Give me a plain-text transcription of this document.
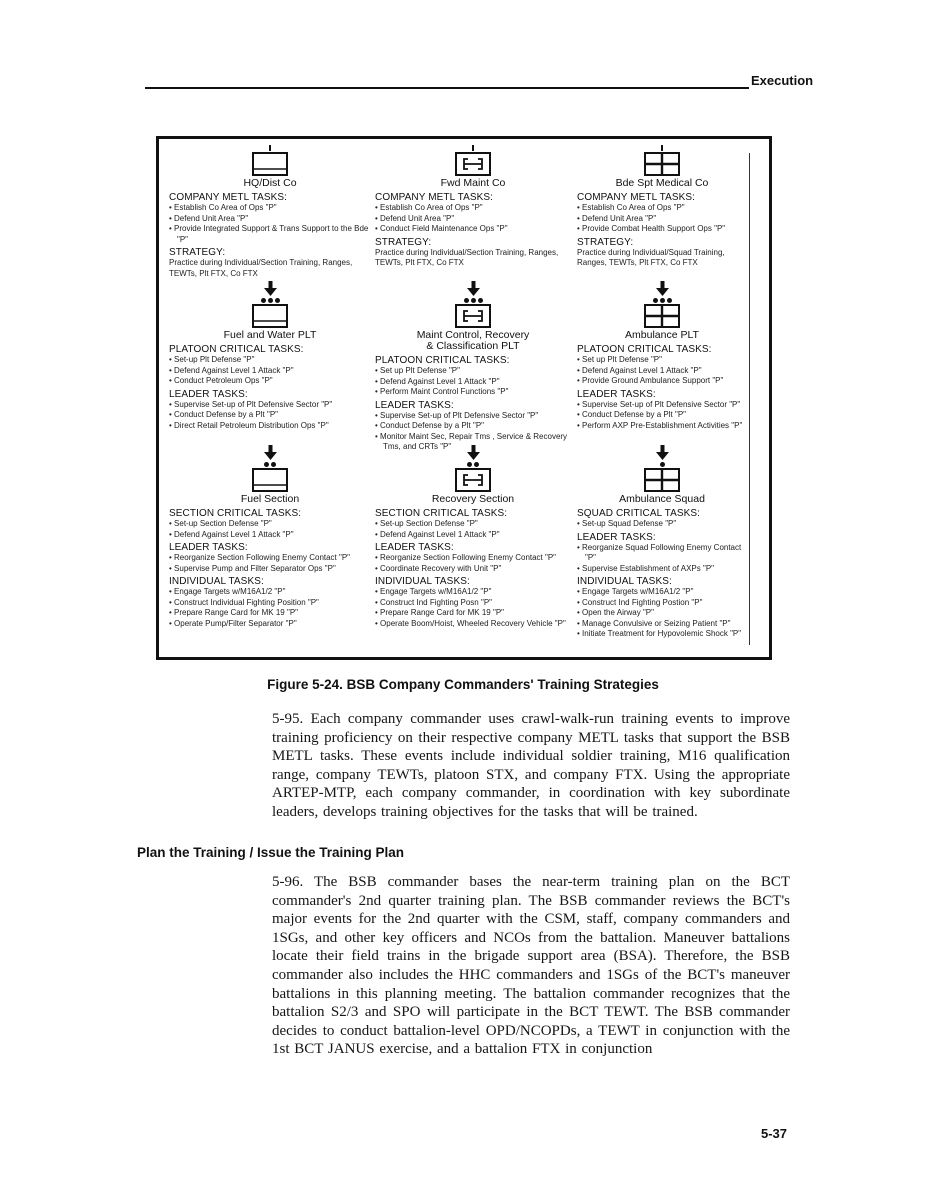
Execution
HQ/Dist Co
COMPANY METL TASKS:
• Establish Co Area of Ops "P"
• Defend Unit Area "P"
• Provide Integrated Support & Trans Support to the Bde "P"
STRATEGY:
Practice during Individual/Section Training, Ranges, TEWTs, Plt FTX, Co FTX
Fuel and Water PLT
PLATOON CRITICAL TASKS:
• Set-up Plt Defense "P"
• Defend Against Level 1 Attack "P"
• Conduct Petroleum Ops "P"
LEADER TASKS:
• Supervise Set-up of Plt Defensive Sector "P"
• Conduct Defense by a Plt "P"
• Direct Retail Petroleum Distribution Ops "P"
Fuel Section
SECTION CRITICAL TASKS:
• Set-up Section Defense "P"
• Defend Against Level 1 Attack "P"
LEADER TASKS:
• Reorganize Section Following Enemy Contact "P"
• Supervise Pump and Filter Separator Ops "P"
INDIVIDUAL TASKS:
• Engage Targets w/M16A1/2 "P"
• Construct Individual Fighting Position "P"
• Prepare Range Card for MK 19 "P"
• Operate Pump/Filter Separator "P"
Fwd Maint Co
COMPANY METL TASKS:
• Establish Co Area of Ops "P"
• Defend Unit Area "P"
• Conduct Field Maintenance Ops "P"
STRATEGY:
Practice during Individual/Section Training, Ranges, TEWTs, Plt FTX, Co FTX
Maint Control, Recovery
& Classification PLT
PLATOON CRITICAL TASKS:
• Set up Plt Defense "P"
• Defend Against Level 1 Attack "P"
• Perform Maint Control Functions "P"
LEADER TASKS:
• Supervise Set-up of Plt Defensive Sector "P"
• Conduct Defense by a Plt "P"
• Monitor Maint Sec, Repair Tms , Service & Recovery Tms, and CRTs "P"
Recovery Section
SECTION CRITICAL TASKS:
• Set-up Section Defense "P"
• Defend Against Level 1 Attack "P"
LEADER TASKS:
• Reorganize Section Following Enemy Contact "P"
• Coordinate Recovery with Unit "P"
INDIVIDUAL TASKS:
• Engage Targets w/M16A1/2 "P"
• Construct Ind Fighting Posn "P"
• Prepare Range Card for MK 19 "P"
• Operate Boom/Hoist, Wheeled Recovery Vehicle "P"
Bde Spt Medical Co
COMPANY METL TASKS:
• Establish Co Area of Ops "P"
• Defend Unit Area "P"
• Provide Combat Health Support Ops "P"
STRATEGY:
Practice during Individual/Squad Training, Ranges, TEWTs, Plt FTX, Co FTX
Ambulance PLT
PLATOON CRITICAL TASKS:
• Set up Plt Defense "P"
• Defend Against Level 1 Attack "P"
• Provide Ground Ambulance Support "P"
LEADER TASKS:
• Supervise Set-up of Plt Defensive Sector "P"
• Conduct Defense by a Plt "P"
• Perform AXP Pre-Establishment Activities "P"
Ambulance Squad
SQUAD CRITICAL TASKS:
• Set-up Squad Defense "P"
LEADER TASKS:
• Reorganize Squad Following Enemy Contact "P"
• Supervise Establishment of AXPs "P"
INDIVIDUAL TASKS:
• Engage Targets w/M16A1/2 "P"
• Construct Ind Fighting Postion "P"
• Open the Airway "P"
• Manage Convulsive or Seizing Patient "P"
• Initiate Treatment for Hypovolemic Shock "P"
Figure 5-24. BSB Company Commanders' Training Strategies
5-95. Each company commander uses crawl-walk-run training events to improve training proficiency on their respective company METL tasks that support the BSB METL tasks. These events include individual soldier training, M16 qualification range, company TEWTs, platoon STX, and company FTX. Using the appropriate ARTEP-MTP, each company commander, in coordination with key subordinate leaders, develops training objectives for the tasks that will be trained.
Plan the Training / Issue the Training Plan
5-96. The BSB commander bases the near-term training plan on the BCT commander's 2nd quarter training plan. The BSB commander reviews the BCT's major events for the 2nd quarter with the CSM, staff, company commanders and 1SGs, and other key officers and NCOs from the battalion. Maneuver battalions locate their field trains in the brigade support area (BSA). Therefore, the BSB commander also includes the HHC commanders and 1SGs of the BCT's maneuver battalions in this planning meeting. The battalion commander recognizes that the battalion S2/3 and SPO will participate in the BCT TEWT. The BSB commander decides to conduct battalion-level OPD/NCOPDs, a TEWT in conjunction with the 1st BCT JANUS exercise, and a battalion FTX in conjunction
5-37
